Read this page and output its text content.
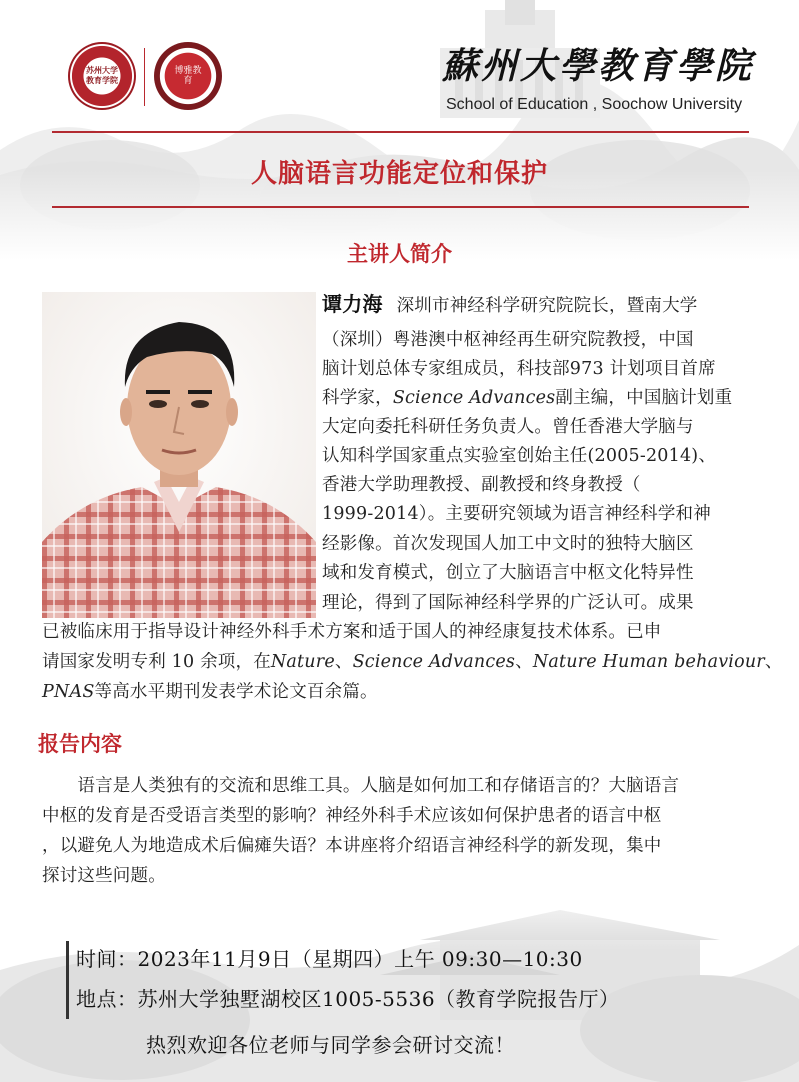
苏州大学教育学院
博雅教育	蘇州大學教育學院
School of Education , Soochow University
人脑语言功能定位和保护
主讲人简介
谭力海 深圳市神经科学研究院院长，暨南大学
（深圳）粤港澳中枢神经再生研究院教授，中国
脑计划总体专家组成员，科技部973 计划项目首席
科学家，Science Advances副主编，中国脑计划重
大定向委托科研任务负责人。曾任香港大学脑与
认知科学国家重点实验室创始主任(2005-2014)、
香港大学助理教授、副教授和终身教授（
1999-2014）。主要研究领域为语言神经科学和神
经影像。首次发现国人加工中文时的独特大脑区
域和发育模式，创立了大脑语言中枢文化特异性
理论，得到了国际神经科学界的广泛认可。成果
已被临床用于指导设计神经外科手术方案和适于国人的神经康复技术体系。已申
请国家发明专利 10 余项，在Nature、Science Advances、Nature Human behaviour、
PNAS等高水平期刊发表学术论文百余篇。
报告内容
　　语言是人类独有的交流和思维工具。人脑是如何加工和存储语言的？大脑语言
中枢的发育是否受语言类型的影响？神经外科手术应该如何保护患者的语言中枢
，以避免人为地造成术后偏瘫失语？本讲座将介绍语言神经科学的新发现，集中
探讨这些问题。
时间：2023年11月9日（星期四）上午 09:30—10:30
地点：苏州大学独墅湖校区1005-5536（教育学院报告厅）
热烈欢迎各位老师与同学参会研讨交流！
